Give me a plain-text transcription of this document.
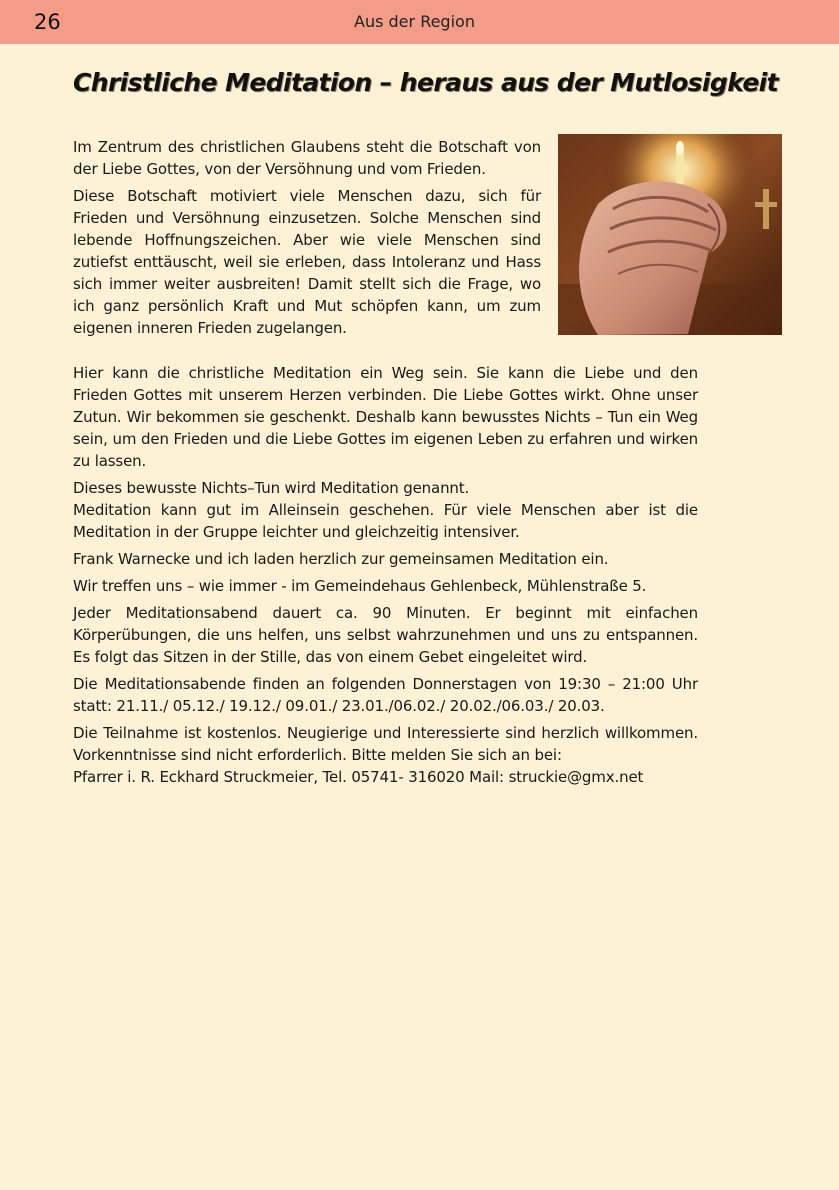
26	Aus der Region
Christliche Meditation – heraus aus der Mutlosigkeit

Im Zentrum des christlichen Glaubens steht die Botschaft von der Liebe Gottes, von der Versöhnung und vom Frieden.

Diese Botschaft motiviert viele Menschen dazu, sich für Frieden und Versöhnung einzusetzen. Solche Menschen sind lebende Hoffnungszeichen. Aber wie viele Menschen sind zutiefst enttäuscht, weil sie erleben, dass Intoleranz und Hass sich immer weiter ausbreiten! Damit stellt sich die Frage, wo ich ganz persönlich Kraft und Mut schöpfen kann, um zum eigenen inneren Frieden zugelangen.

Hier kann die christliche Meditation ein Weg sein. Sie kann die Liebe und den Frieden Gottes mit unserem Herzen verbinden. Die Liebe Gottes wirkt. Ohne unser Zutun. Wir bekommen sie geschenkt. Deshalb kann bewusstes Nichts – Tun ein Weg sein, um den Frieden und die Liebe Gottes im eigenen Leben zu erfahren und wirken zu lassen.

Dieses bewusste Nichts–Tun wird Meditation genannt.
Meditation kann gut im Alleinsein geschehen. Für viele Menschen aber ist die Meditation in der Gruppe leichter und gleichzeitig intensiver.

Frank Warnecke und ich laden herzlich zur gemeinsamen Meditation ein.

Wir treffen uns – wie immer - im Gemeindehaus Gehlenbeck, Mühlenstraße 5.

Jeder Meditationsabend dauert ca. 90 Minuten. Er beginnt mit einfachen Körperübungen, die uns helfen, uns selbst wahrzunehmen und uns zu entspannen. Es folgt das Sitzen in der Stille, das von einem Gebet eingeleitet wird.

Die Meditationsabende finden an folgenden Donnerstagen von 19:30 – 21:00 Uhr statt: 21.11./ 05.12./ 19.12./ 09.01./ 23.01./06.02./ 20.02./06.03./ 20.03.

Die Teilnahme ist kostenlos. Neugierige und Interessierte sind herzlich willkommen. Vorkenntnisse sind nicht erforderlich. Bitte melden Sie sich an bei:
Pfarrer i. R. Eckhard Struckmeier, Tel. 05741- 316020 Mail: struckie@gmx.net
